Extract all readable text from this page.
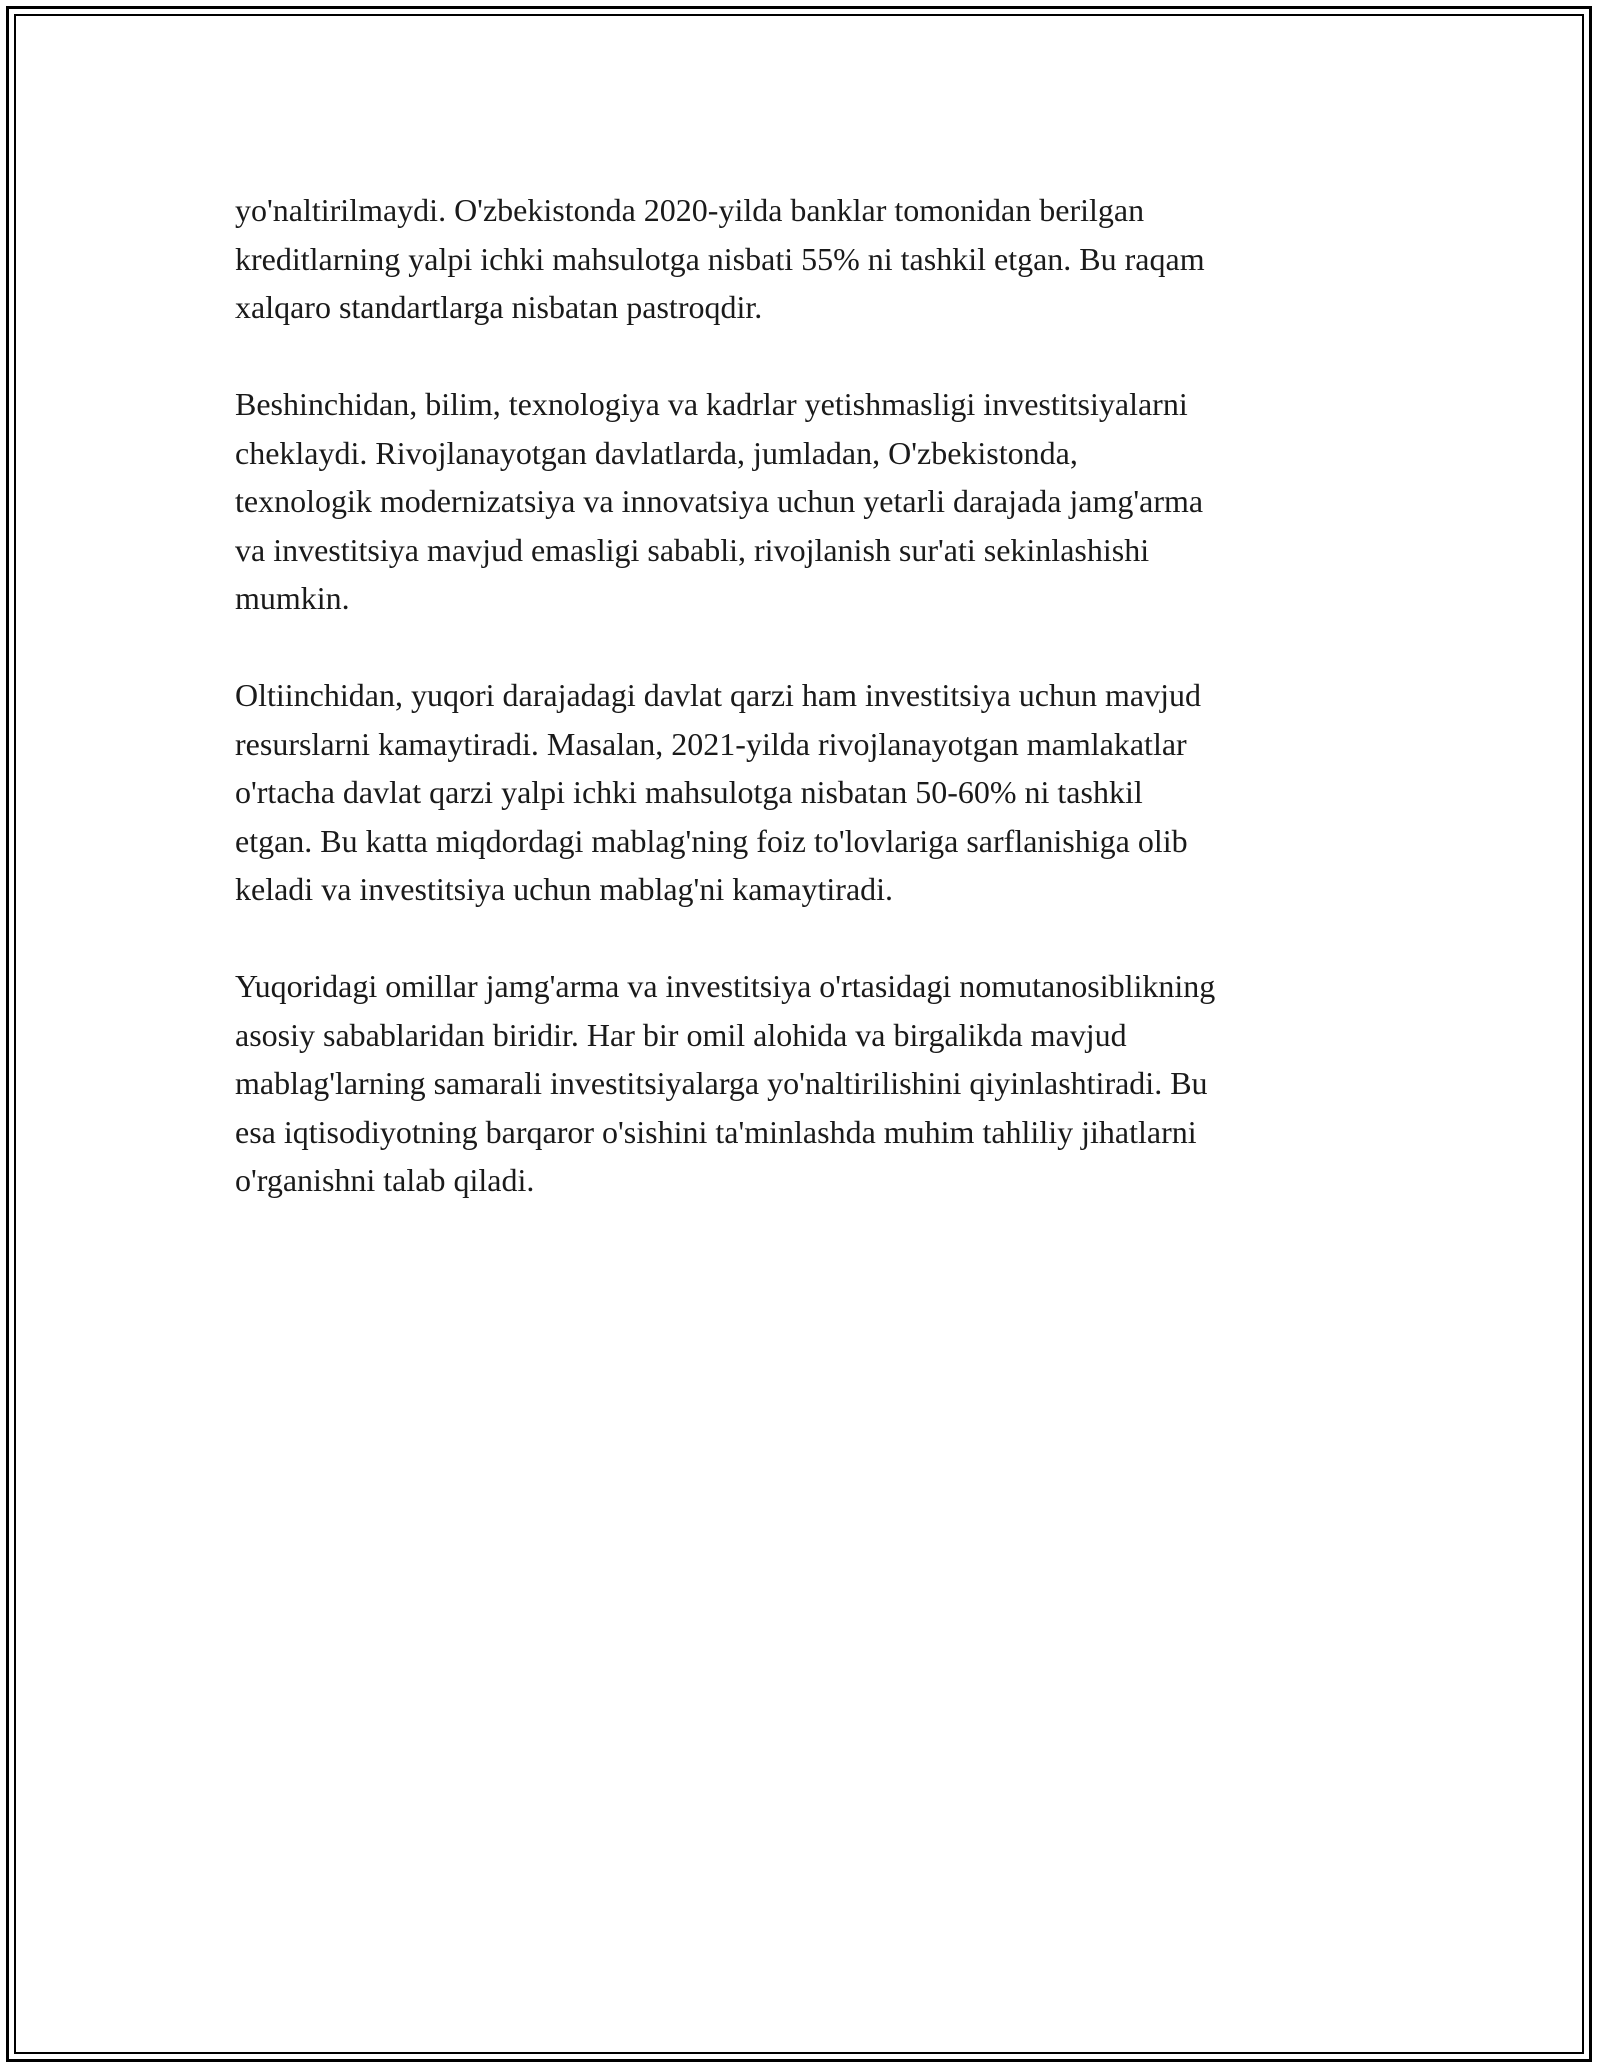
yo'naltirilmaydi. O'zbekistonda 2020-yilda banklar tomonidan berilgan
kreditlarning yalpi ichki mahsulotga nisbati 55% ni tashkil etgan. Bu raqam
xalqaro standartlarga nisbatan pastroqdir.

Beshinchidan, bilim, texnologiya va kadrlar yetishmasligi investitsiyalarni
cheklaydi. Rivojlanayotgan davlatlarda, jumladan, O'zbekistonda,
texnologik modernizatsiya va innovatsiya uchun yetarli darajada jamg'arma
va investitsiya mavjud emasligi sababli, rivojlanish sur'ati sekinlashishi
mumkin.

Oltiinchidan, yuqori darajadagi davlat qarzi ham investitsiya uchun mavjud
resurslarni kamaytiradi. Masalan, 2021-yilda rivojlanayotgan mamlakatlar
o'rtacha davlat qarzi yalpi ichki mahsulotga nisbatan 50-60% ni tashkil
etgan. Bu katta miqdordagi mablag'ning foiz to'lovlariga sarflanishiga olib
keladi va investitsiya uchun mablag'ni kamaytiradi.

Yuqoridagi omillar jamg'arma va investitsiya o'rtasidagi nomutanosiblikning
asosiy sabablaridan biridir. Har bir omil alohida va birgalikda mavjud
mablag'larning samarali investitsiyalarga yo'naltirilishini qiyinlashtiradi. Bu
esa iqtisodiyotning barqaror o'sishini ta'minlashda muhim tahliliy jihatlarni
o'rganishni talab qiladi.
